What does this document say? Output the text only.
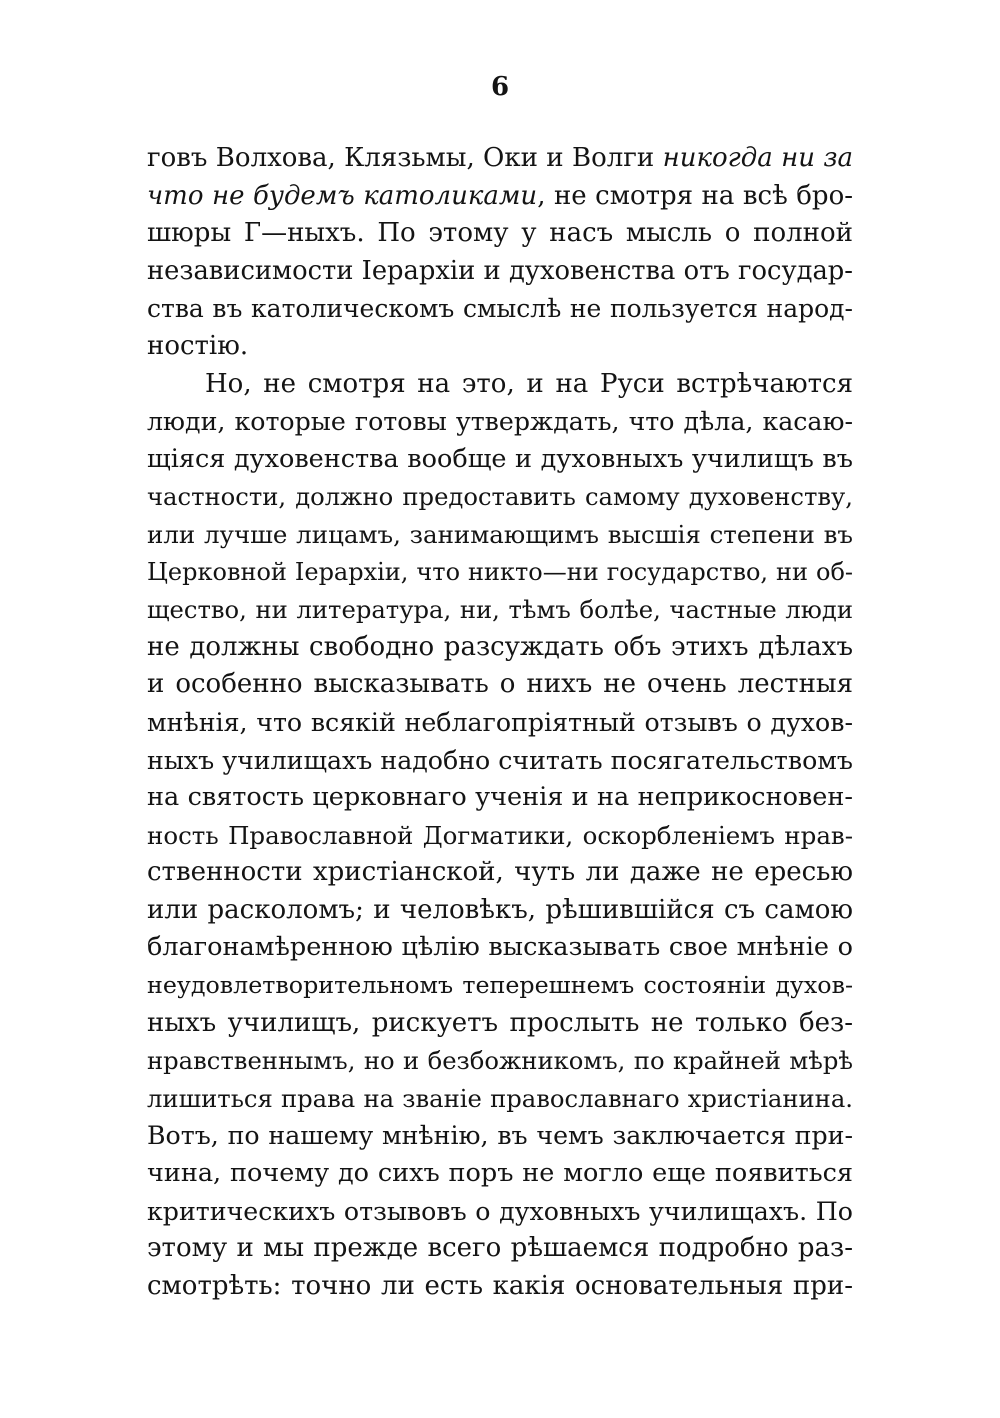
6
говъ Волхова, Клязьмы, Оки и Волги никогда ни за
что не будемъ католиками, не смотря на всѣ бро-
шюры Г—ныхъ. По этому у насъ мысль о полной
независимости Іерархіи и духовенства отъ государ-
ства въ католическомъ смыслѣ не пользуется народ-
ностію.
Но, не смотря на это, и на Руси встрѣчаются
люди, которые готовы утверждать, что дѣла, касаю-
щіяся духовенства вообще и духовныхъ училищъ въ
частности, должно предоставить самому духовенству,
или лучше лицамъ, занимающимъ высшія степени въ
Церковной Іерархіи, что никто—ни государство, ни об-
щество, ни литература, ни, тѣмъ болѣе, частные люди
не должны свободно разсуждать объ этихъ дѣлахъ
и особенно высказывать о нихъ не очень лестныя
мнѣнія, что всякій неблагопріятный отзывъ о духов-
ныхъ училищахъ надобно считать посягательствомъ
на святость церковнаго ученія и на неприкосновен-
ность Православной Догматики, оскорбленіемъ нрав-
ственности христіанской, чуть ли даже не ересью
или расколомъ; и человѣкъ, рѣшившійся съ самою
благонамѣренною цѣлію высказывать свое мнѣніе о
неудовлетворительномъ теперешнемъ состояніи духов-
ныхъ училищъ, рискуетъ прослыть не только без-
нравственнымъ, но и безбожникомъ, по крайней мѣрѣ
лишиться права на званіе православнаго христіанина.
Вотъ, по нашему мнѣнію, въ чемъ заключается при-
чина, почему до сихъ поръ не могло еще появиться
критическихъ отзывовъ о духовныхъ училищахъ. По
этому и мы прежде всего рѣшаемся подробно раз-
смотрѣть: точно ли есть какія основательныя при-
